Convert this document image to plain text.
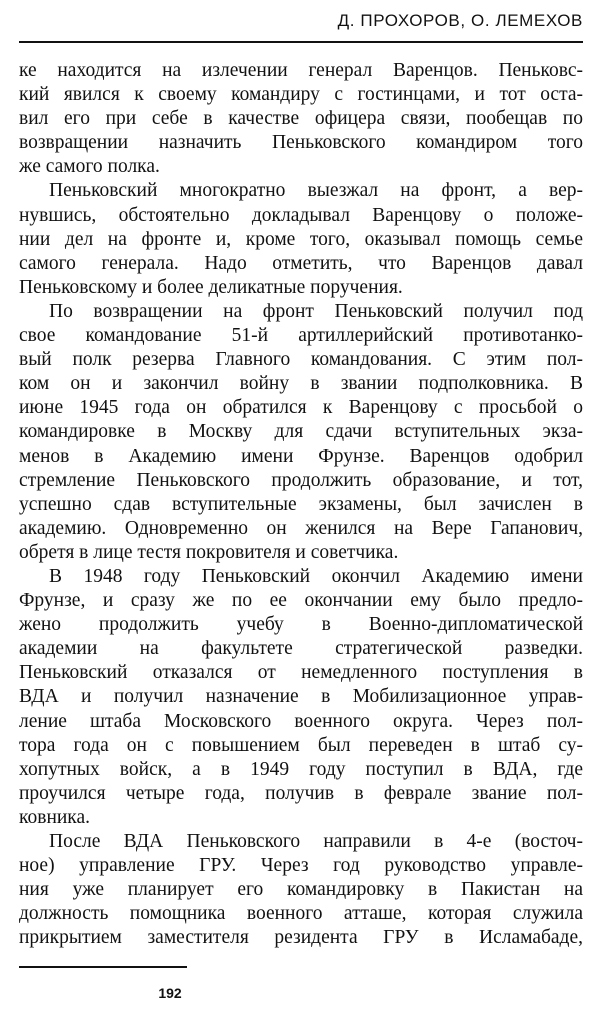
Д. ПРОХОРОВ, О. ЛЕМЕХОВ

ке находится на излечении генерал Варенцов. Пеньковс-
кий явился к своему командиру с гостинцами, и тот оста-
вил его при себе в качестве офицера связи, пообещав по
возвращении назначить Пеньковского командиром того
же самого полка.

Пеньковский многократно выезжал на фронт, а вер-
нувшись, обстоятельно докладывал Варенцову о положе-
нии дел на фронте и, кроме того, оказывал помощь семье
самого генерала. Надо отметить, что Варенцов давал
Пеньковскому и более деликатные поручения.

По возвращении на фронт Пеньковский получил под
свое командование 51-й артиллерийский противотанко-
вый полк резерва Главного командования. С этим пол-
ком он и закончил войну в звании подполковника. В
июне 1945 года он обратился к Варенцову с просьбой о
командировке в Москву для сдачи вступительных экза-
менов в Академию имени Фрунзе. Варенцов одобрил
стремление Пеньковского продолжить образование, и тот,
успешно сдав вступительные экзамены, был зачислен в
академию. Одновременно он женился на Вере Гапанович,
обретя в лице тестя покровителя и советчика.

В 1948 году Пеньковский окончил Академию имени
Фрунзе, и сразу же по ее окончании ему было предло-
жено продолжить учебу в Военно-дипломатической
академии на факультете стратегической разведки.
Пеньковский отказался от немедленного поступления в
ВДА и получил назначение в Мобилизационное управ-
ление штаба Московского военного округа. Через пол-
тора года он с повышением был переведен в штаб су-
хопутных войск, а в 1949 году поступил в ВДА, где
проучился четыре года, получив в феврале звание пол-
ковника.

После ВДА Пеньковского направили в 4-е (восточ-
ное) управление ГРУ. Через год руководство управле-
ния уже планирует его командировку в Пакистан на
должность помощника военного атташе, которая служила
прикрытием заместителя резидента ГРУ в Исламабаде,

192
